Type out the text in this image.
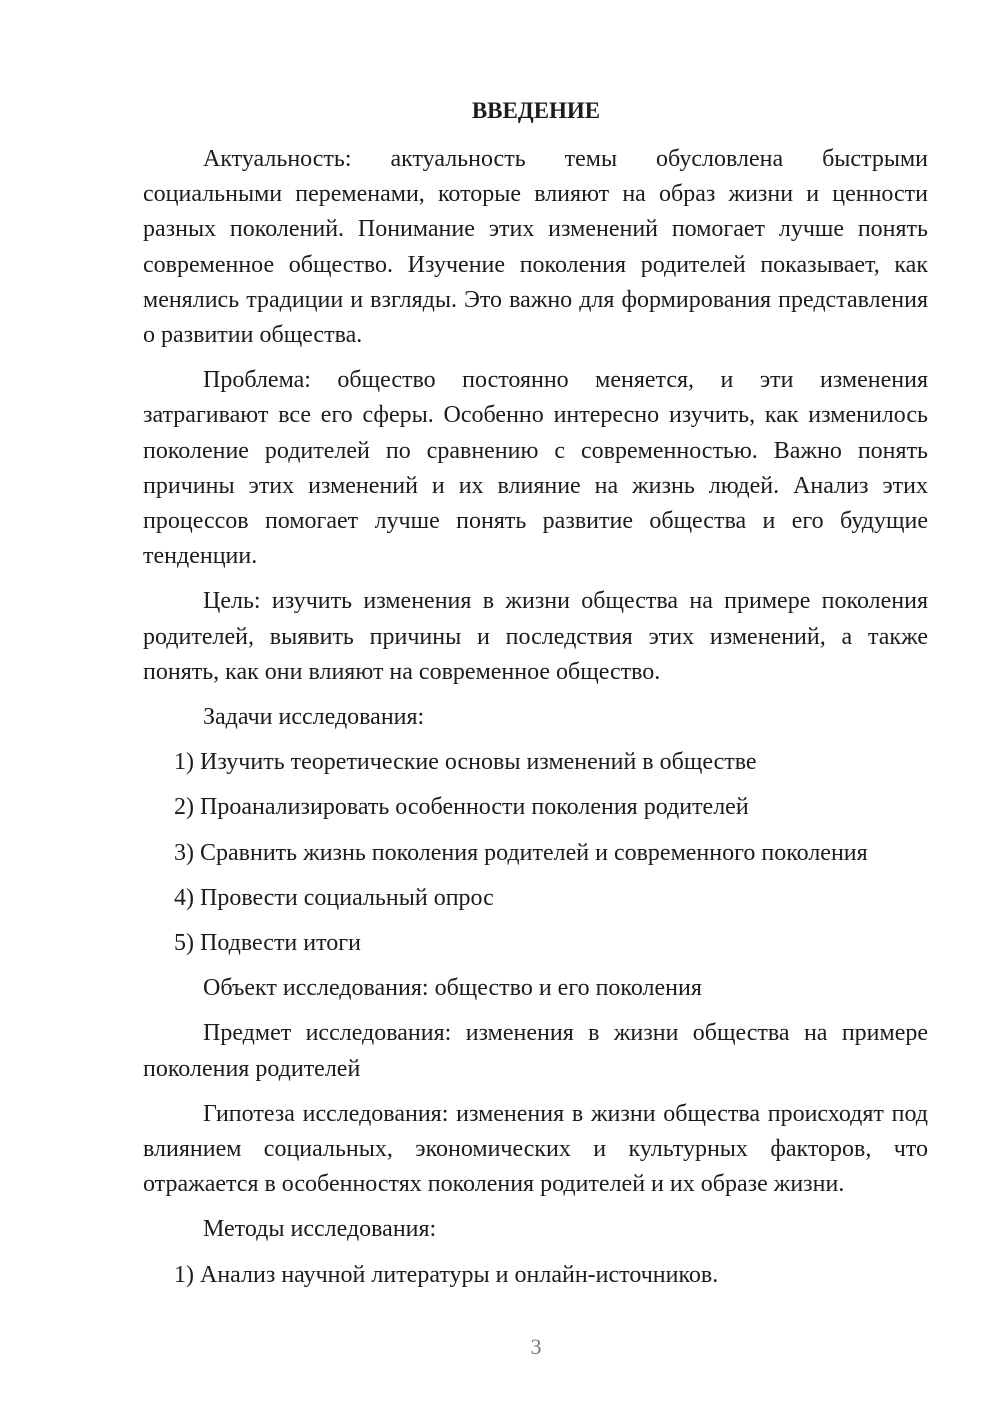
ВВЕДЕНИЕ

Актуальность: актуальность темы обусловлена быстрыми социальными переменами, которые влияют на образ жизни и ценности разных поколений. Понимание этих изменений помогает лучше понять современное общество. Изучение поколения родителей показывает, как менялись традиции и взгляды. Это важно для формирования представления о развитии общества.

Проблема: общество постоянно меняется, и эти изменения затрагивают все его сферы. Особенно интересно изучить, как изменилось поколение родителей по сравнению с современностью. Важно понять причины этих изменений и их влияние на жизнь людей. Анализ этих процессов помогает лучше понять развитие общества и его будущие тенденции.

Цель: изучить изменения в жизни общества на примере поколения родителей, выявить причины и последствия этих изменений, а также понять, как они влияют на современное общество.

Задачи исследования:

1) Изучить теоретические основы изменений в обществе

2) Проанализировать особенности поколения родителей

3) Сравнить жизнь поколения родителей и современного поколения

4) Провести социальный опрос

5) Подвести итоги

Объект исследования: общество и его поколения

Предмет исследования: изменения в жизни общества на примере поколения родителей

Гипотеза исследования: изменения в жизни общества происходят под влиянием социальных, экономических и культурных факторов, что отражается в особенностях поколения родителей и их образе жизни.

Методы исследования:

1) Анализ научной литературы и онлайн-источников.

3
